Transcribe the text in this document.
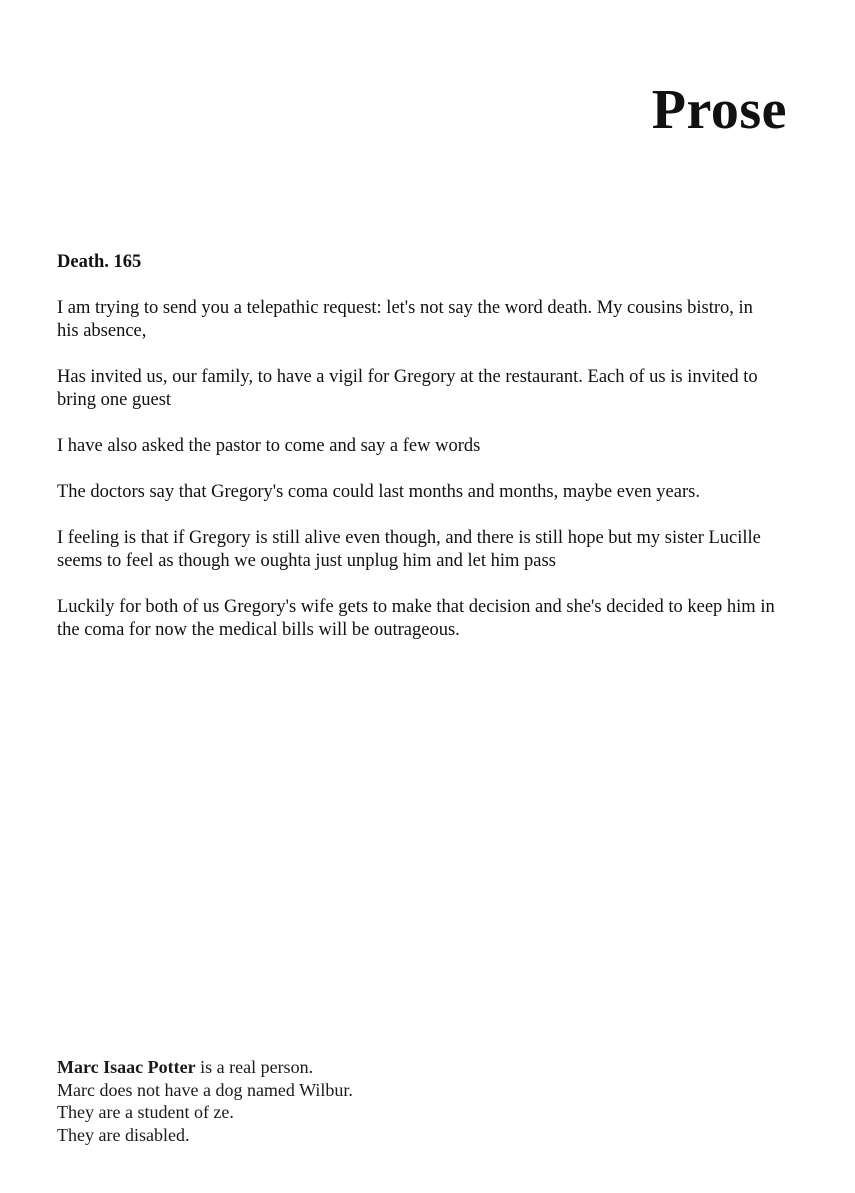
Prose

Death. 165

I am trying to send you a telepathic request: let's not say the word death. My cousins bistro, in his absence,

Has invited us, our family, to have a vigil for Gregory at the restaurant. Each of us is invited to bring one guest

I have also asked the pastor to come and say a few words

The doctors say that Gregory's coma could last months and months, maybe even years.

I feeling is that if Gregory is still alive even though, and there is still hope but my sister Lucille seems to feel as though we oughta just unplug him and let him pass

Luckily for both of us Gregory's wife gets to make that decision and she's decided to keep him in the coma for now the medical bills will be outrageous.

Marc Isaac Potter is a real person.
Marc does not have a dog named Wilbur.
They are a student of ze.
They are disabled.
